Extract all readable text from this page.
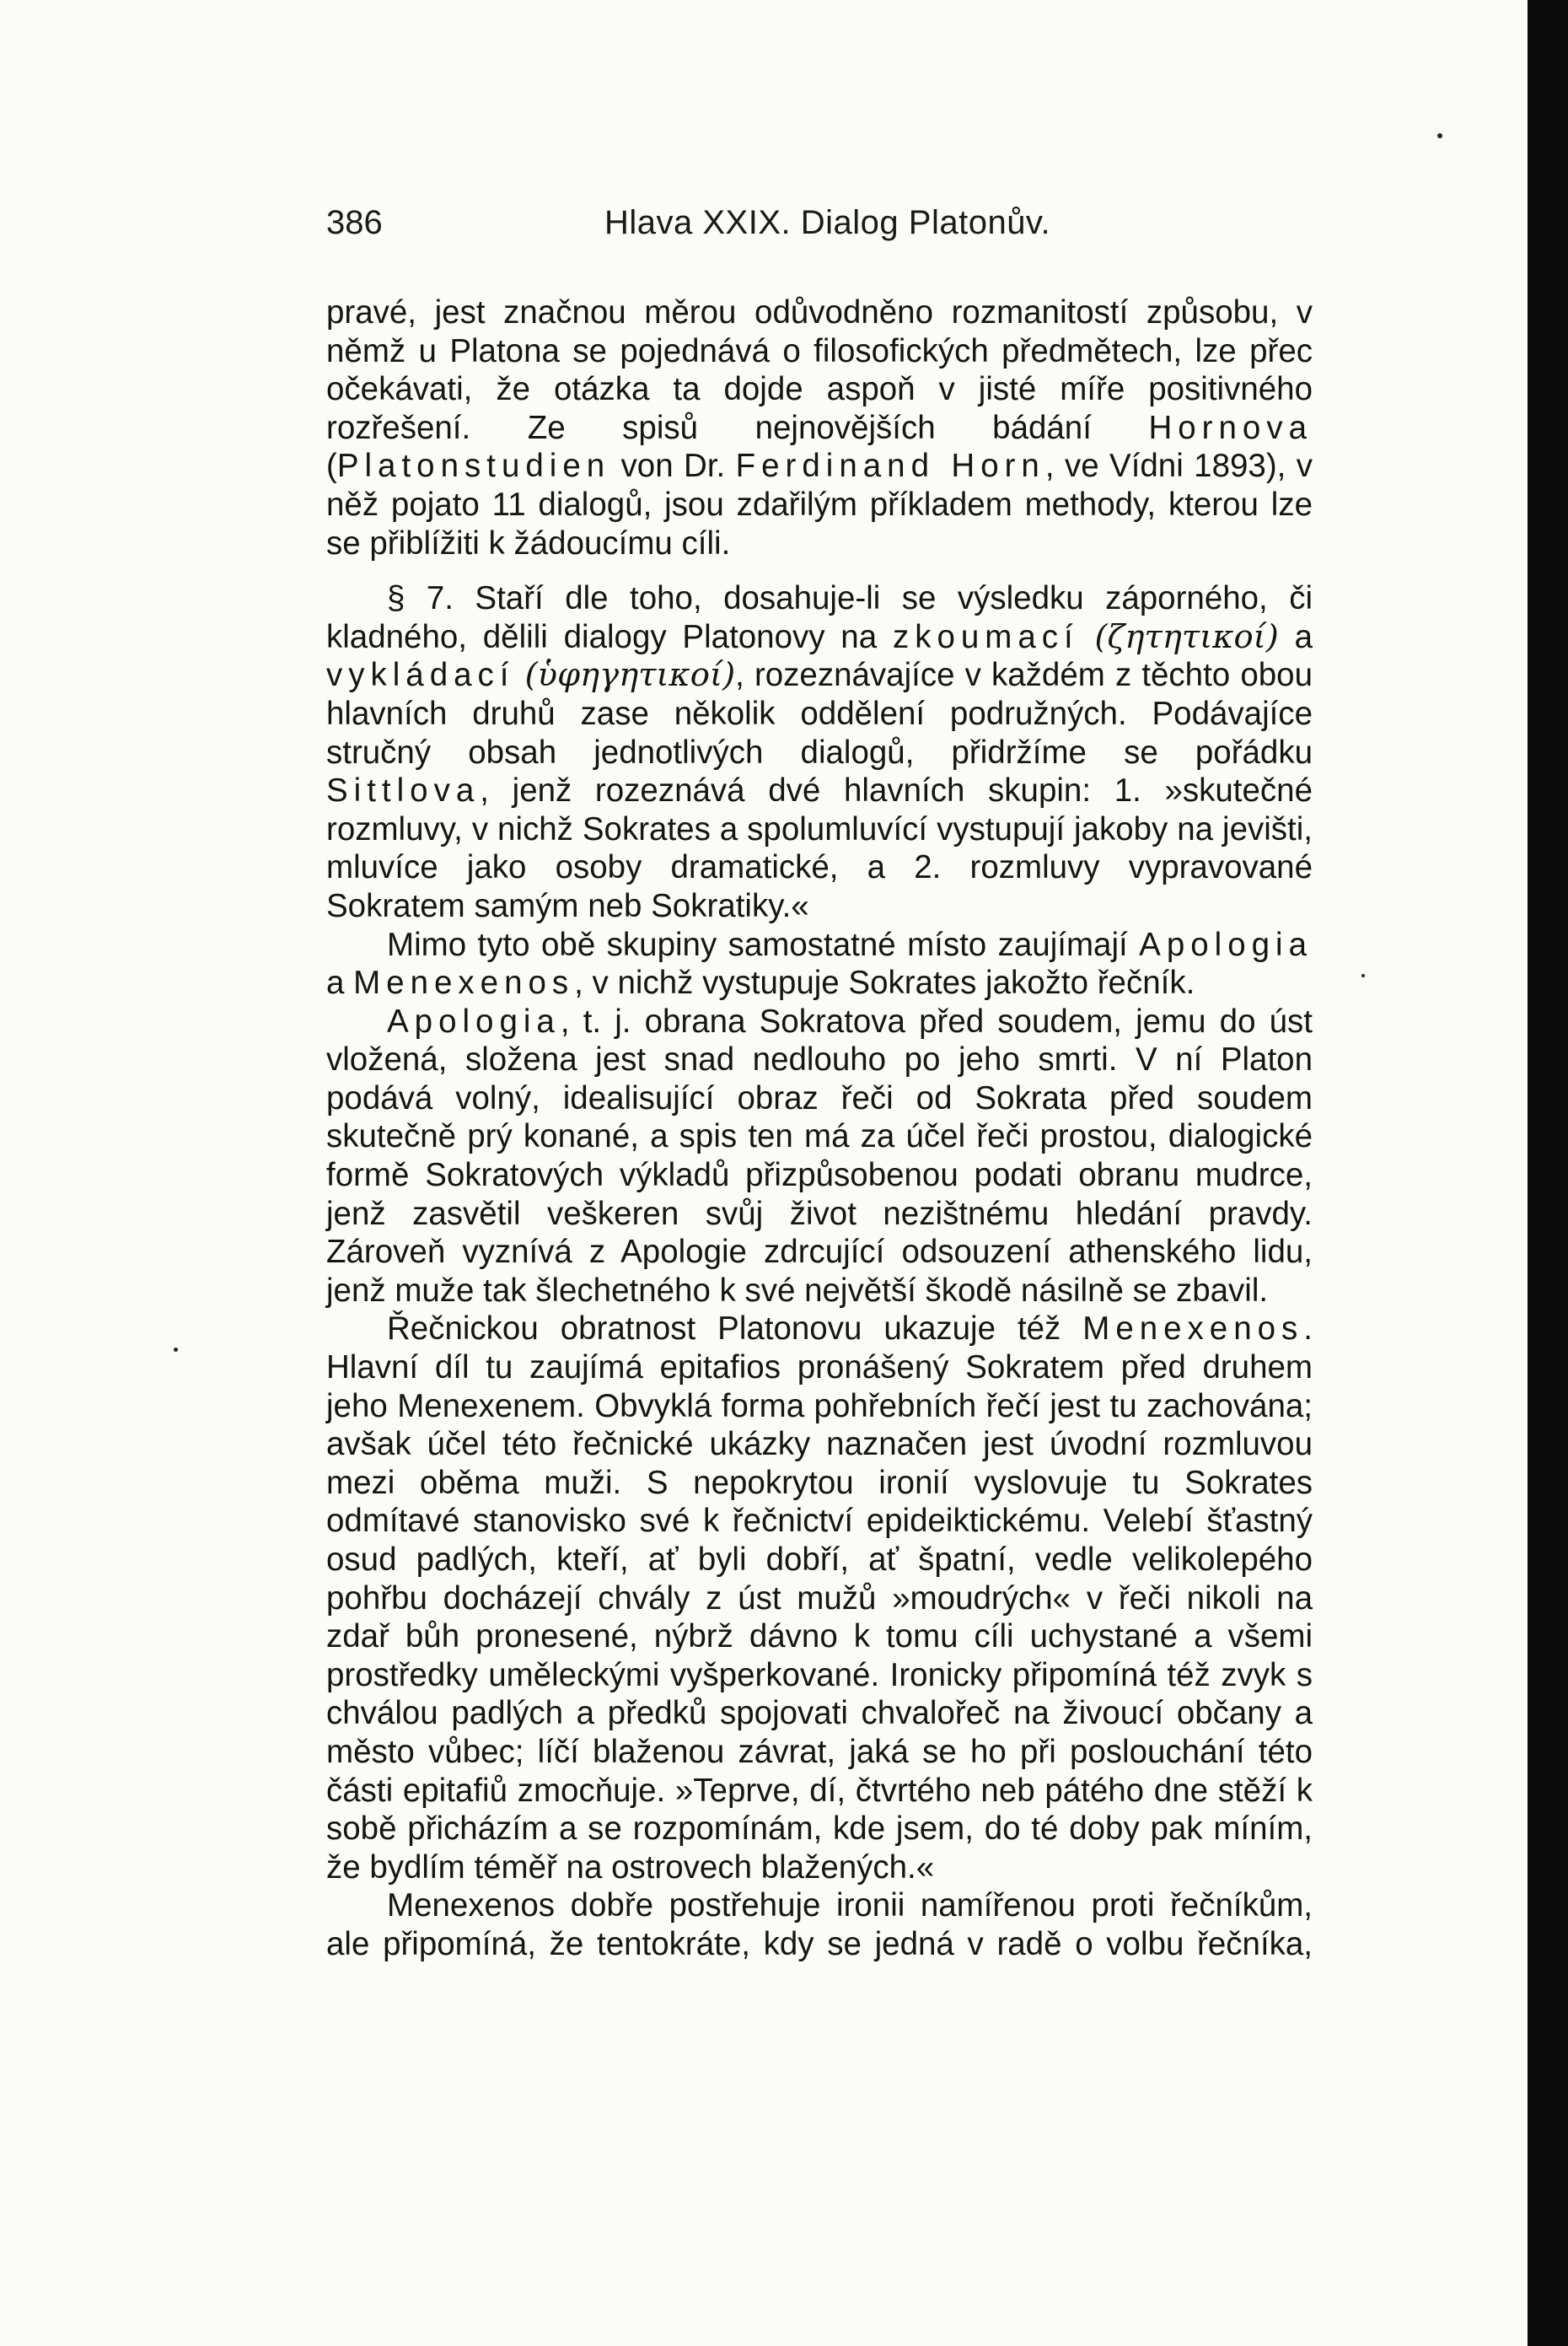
386	Hlava XXIX. Dialog Platonův.

pravé, jest značnou měrou odůvodněno rozmanitostí způsobu, v němž u Platona se pojednává o filosofických předmětech, lze přec očekávati, že otázka ta dojde aspoň v jisté míře positivného rozřešení. Ze spisů nejnovějších bádání Hornova (Platonstudien von Dr. Ferdinand Horn, ve Vídni 1893), v něž pojato 11 dialogů, jsou zdařilým příkladem methody, kterou lze se přiblížiti k žádoucímu cíli.

§ 7. Staří dle toho, dosahuje-li se výsledku záporného, či kladného, dělili dialogy Platonovy na zkoumací (ζητητικοί) a vykládací (ὑφηγητικοί), rozeznávajíce v každém z těchto obou hlavních druhů zase několik oddělení podružných. Podávajíce stručný obsah jednotlivých dialogů, přidržíme se pořádku Sittlova, jenž rozeznává dvé hlavních skupin: 1. »skutečné rozmluvy, v nichž Sokrates a spolumluvící vystupují jakoby na jevišti, mluvíce jako osoby dramatické, a 2. rozmluvy vypravované Sokratem samým neb Sokratiky.«

Mimo tyto obě skupiny samostatné místo zaujímají Apologia a Menexenos, v nichž vystupuje Sokrates jakožto řečník.

Apologia, t. j. obrana Sokratova před soudem, jemu do úst vložená, složena jest snad nedlouho po jeho smrti. V ní Platon podává volný, idealisující obraz řeči od Sokrata před soudem skutečně prý konané, a spis ten má za účel řeči prostou, dialogické formě Sokratových výkladů přizpůsobenou podati obranu mudrce, jenž zasvětil veškeren svůj život nezištnému hledání pravdy. Zároveň vyznívá z Apologie zdrcující odsouzení athenského lidu, jenž muže tak šlechetného k své největší škodě násilně se zbavil.

Řečnickou obratnost Platonovu ukazuje též Menexenos. Hlavní díl tu zaujímá epitafios pronášený Sokratem před druhem jeho Menexenem. Obvyklá forma pohřebních řečí jest tu zachována; avšak účel této řečnické ukázky naznačen jest úvodní rozmluvou mezi oběma muži. S nepokrytou ironií vyslovuje tu Sokrates odmítavé stanovisko své k řečnictví epideiktickému. Velebí šťastný osud padlých, kteří, ať byli dobří, ať špatní, vedle velikolepého pohřbu docházejí chvály z úst mužů »moudrých« v řeči nikoli na zdař bůh pronesené, nýbrž dávno k tomu cíli uchystané a všemi prostředky uměleckými vyšperkované. Ironicky připomíná též zvyk s chválou padlých a předků spojovati chvalořeč na živoucí občany a město vůbec; líčí blaženou závrat, jaká se ho při poslouchání této části epitafiů zmocňuje. »Teprve, dí, čtvrtého neb pátého dne stěží k sobě přicházím a se rozpomínám, kde jsem, do té doby pak míním, že bydlím téměř na ostrovech blažených.«

Menexenos dobře postřehuje ironii namířenou proti řečníkům, ale připomíná, že tentokráte, kdy se jedná v radě o volbu řečníka,
